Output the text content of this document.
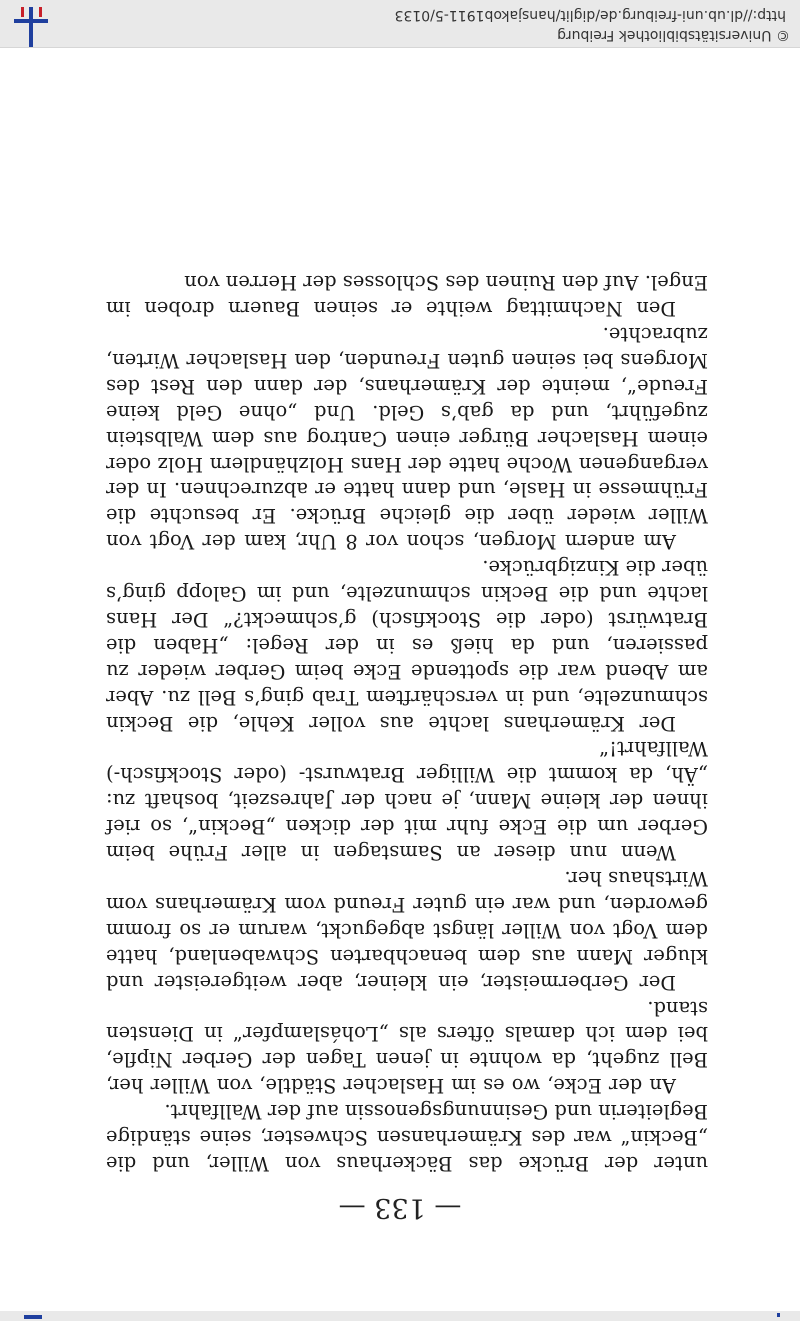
— 133 —

unter der Brücke das Bäckerhaus von Willer, und die „Beckin“ war des Krämerhansen Schwester, seine ständige Begleiterin und Gesinnungsgenossin auf der Wallfahrt.

An der Ecke, wo es im Haslacher Städtle, von Willer her, Bell zugeht, da wohnte in jenen Tagen der Gerber Nipfle, bei dem ich damals öfters als „Loháslampfer“ in Diensten stand.

Der Gerbermeister, ein kleiner, aber weitgereister und kluger Mann aus dem benachbarten Schwabenland, hatte dem Vogt von Willer längst abgeguckt, warum er so fromm geworden, und war ein guter Freund vom Krämerhans vom Wirtshaus her.

Wenn nun dieser an Samstagen in aller Frühe beim Gerber um die Ecke fuhr mit der dicken „Beckin“, so rief ihnen der kleine Mann, je nach der Jahreszeit, boshaft zu: „Äh, da kommt die Williger Bratwurst- (oder Stockfisch-) Wallfahrt!“

Der Krämerhans lachte aus voller Kehle, die Beckin schmunzelte, und in verschärftem Trab ging’s Bell zu. Aber am Abend war die spottende Ecke beim Gerber wieder zu passieren, und da hieß es in der Regel: „Haben die Bratwürst (oder die Stockfisch) g’schmeckt?“ Der Hans lachte und die Beckin schmunzelte, und im Galopp ging’s über die Kinzigbrücke.

Am andern Morgen, schon vor 8 Uhr, kam der Vogt von Willer wieder über die gleiche Brücke. Er besuchte die Frühmesse in Hasle, und dann hatte er abzurechnen. In der vergangenen Woche hatte der Hans Holzhändlern Holz oder einem Haslacher Bürger einen Cantrog aus dem Walbstein zugeführt, und da gab’s Geld. Und „ohne Geld keine Freude“, meinte der Krämerhans, der dann den Rest des Morgens bei seinen guten Freunden, den Haslacher Wirten, zubrachte.

Den Nachmittag weihte er seinen Bauern droben im Engel. Auf den Ruinen des Schlosses der Herren von

© Universitätsbibliothek Freiburg
http://dl.ub.uni-freiburg.de/diglit/hansjakob1911-5/0133
